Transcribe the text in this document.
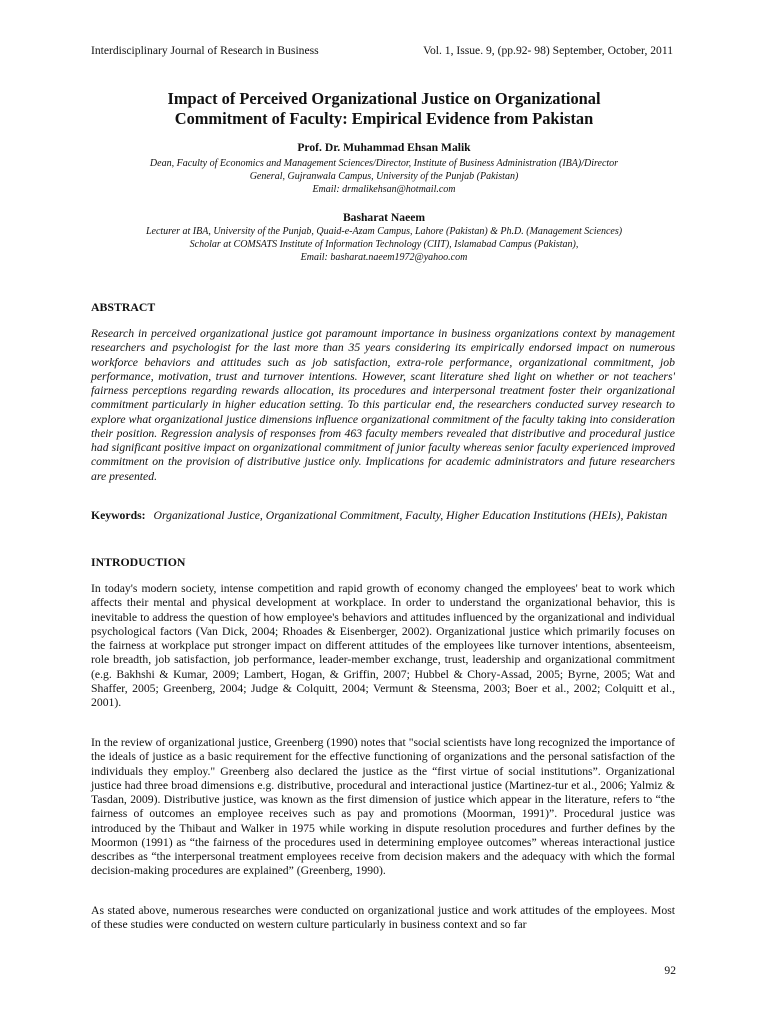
Interdisciplinary Journal of Research in Business	Vol. 1, Issue. 9, (pp.92- 98) September, October, 2011
Impact of Perceived Organizational Justice on Organizational
Commitment of Faculty: Empirical Evidence from Pakistan
Prof. Dr. Muhammad Ehsan Malik
Dean, Faculty of Economics and Management Sciences/Director, Institute of Business Administration (IBA)/Director
General, Gujranwala Campus, University of the Punjab (Pakistan)
Email: drmalikehsan@hotmail.com
Basharat Naeem
Lecturer at IBA, University of the Punjab, Quaid-e-Azam Campus, Lahore (Pakistan) & Ph.D. (Management Sciences)
Scholar at COMSATS Institute of Information Technology (CIIT), Islamabad Campus (Pakistan),
Email: basharat.naeem1972@yahoo.com
ABSTRACT

Research in perceived organizational justice got paramount importance in business organizations context by management researchers and psychologist for the last more than 35 years considering its empirically endorsed impact on numerous workforce behaviors and attitudes such as job satisfaction, extra-role performance, organizational commitment, job performance, motivation, trust and turnover intentions. However, scant literature shed light on whether or not teachers' fairness perceptions regarding rewards allocation, its procedures and interpersonal treatment foster their organizational commitment particularly in higher education setting. To this particular end, the researchers conducted survey research to explore what organizational justice dimensions influence organizational commitment of the faculty taking into consideration their position. Regression analysis of responses from 463 faculty members revealed that distributive and procedural justice had significant positive impact on organizational commitment of junior faculty whereas senior faculty experienced improved commitment on the provision of distributive justice only. Implications for academic administrators and future researchers are presented.

Keywords: Organizational Justice, Organizational Commitment, Faculty, Higher Education Institutions (HEIs), Pakistan
INTRODUCTION

In today's modern society, intense competition and rapid growth of economy changed the employees' beat to work which affects their mental and physical development at workplace. In order to understand the organizational behavior, this is inevitable to address the question of how employee's behaviors and attitudes influenced by the organizational and individual psychological factors (Van Dick, 2004; Rhoades & Eisenberger, 2002). Organizational justice which primarily focuses on the fairness at workplace put stronger impact on different attitudes of the employees like turnover intentions, absenteeism, role breadth, job satisfaction, job performance, leader-member exchange, trust, leadership and organizational commitment (e.g. Bakhshi & Kumar, 2009; Lambert, Hogan, & Griffin, 2007; Hubbel & Chory-Assad, 2005; Byrne, 2005; Wat and Shaffer, 2005; Greenberg, 2004; Judge & Colquitt, 2004; Vermunt & Steensma, 2003; Boer et al., 2002; Colquitt et al., 2001).

In the review of organizational justice, Greenberg (1990) notes that "social scientists have long recognized the importance of the ideals of justice as a basic requirement for the effective functioning of organizations and the personal satisfaction of the individuals they employ." Greenberg also declared the justice as the “first virtue of social institutions”. Organizational justice had three broad dimensions e.g. distributive, procedural and interactional justice (Martinez-tur et al., 2006; Yalmiz & Tasdan, 2009). Distributive justice, was known as the first dimension of justice which appear in the literature, refers to “the fairness of outcomes an employee receives such as pay and promotions (Moorman, 1991)”. Procedural justice was introduced by the Thibaut and Walker in 1975 while working in dispute resolution procedures and further defines by the Moormon (1991) as “the fairness of the procedures used in determining employee outcomes” whereas interactional justice describes as “the interpersonal treatment employees receive from decision makers and the adequacy with which the formal decision-making procedures are explained” (Greenberg, 1990).

As stated above, numerous researches were conducted on organizational justice and work attitudes of the employees. Most of these studies were conducted on western culture particularly in business context and so far

92
